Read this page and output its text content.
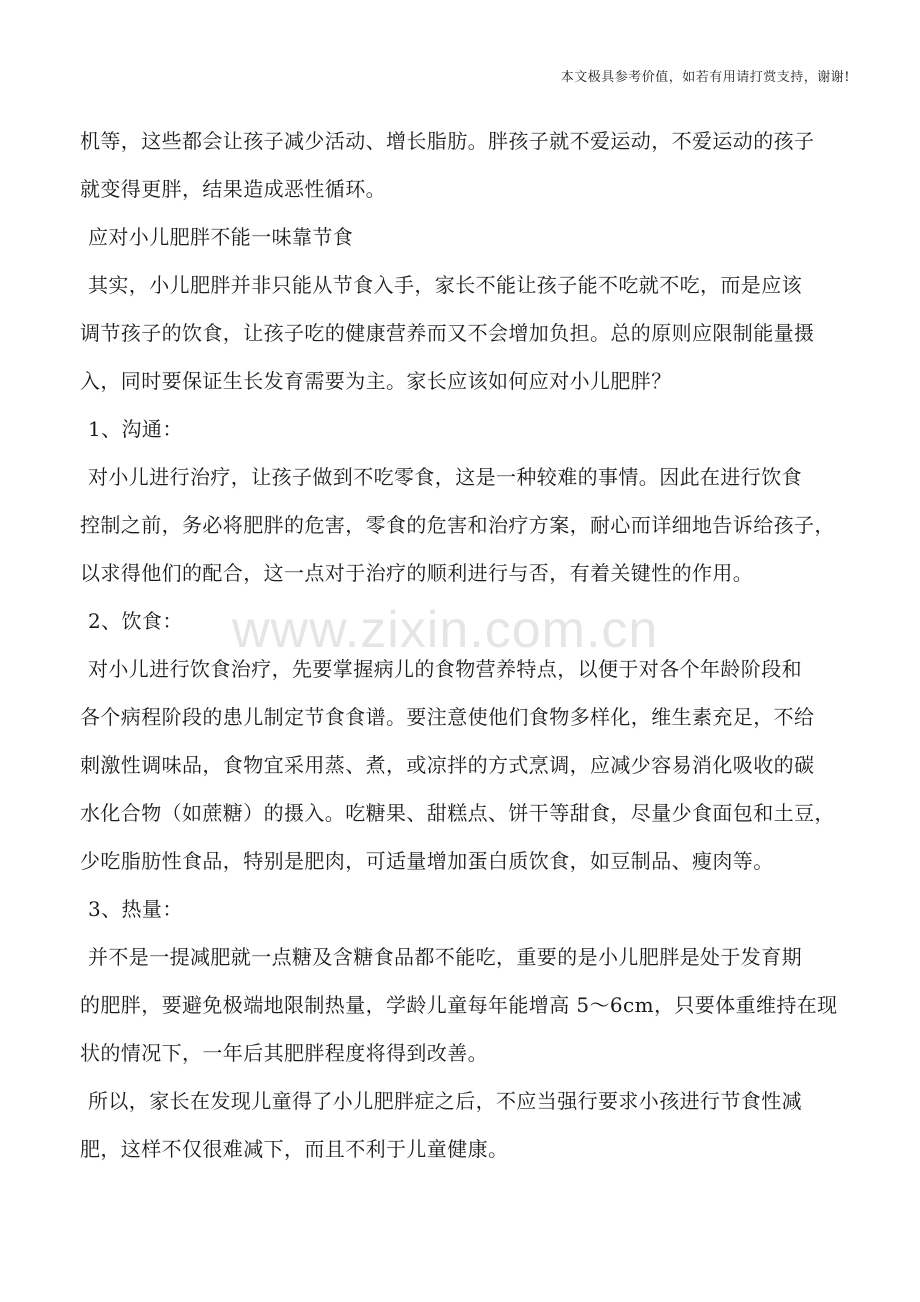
本文极具参考价值，如若有用请打赏支持，谢谢!
机等，这些都会让孩子减少活动、增长脂肪。胖孩子就不爱运动，不爱运动的孩子
就变得更胖，结果造成恶性循环。
应对小儿肥胖不能一味靠节食
其实，小儿肥胖并非只能从节食入手，家长不能让孩子能不吃就不吃，而是应该
调节孩子的饮食，让孩子吃的健康营养而又不会增加负担。总的原则应限制能量摄
入，同时要保证生长发育需要为主。家长应该如何应对小儿肥胖？
1、沟通：
对小儿进行治疗，让孩子做到不吃零食，这是一种较难的事情。因此在进行饮食
控制之前，务必将肥胖的危害，零食的危害和治疗方案，耐心而详细地告诉给孩子，
以求得他们的配合，这一点对于治疗的顺利进行与否，有着关键性的作用。
2、饮食：
对小儿进行饮食治疗，先要掌握病儿的食物营养特点，以便于对各个年龄阶段和
各个病程阶段的患儿制定节食食谱。要注意使他们食物多样化，维生素充足，不给
刺激性调味品，食物宜采用蒸、煮，或凉拌的方式烹调，应减少容易消化吸收的碳
水化合物（如蔗糖）的摄入。吃糖果、甜糕点、饼干等甜食，尽量少食面包和土豆，
少吃脂肪性食品，特别是肥肉，可适量增加蛋白质饮食，如豆制品、瘦肉等。
3、热量：
并不是一提减肥就一点糖及含糖食品都不能吃，重要的是小儿肥胖是处于发育期
的肥胖，要避免极端地限制热量，学龄儿童每年能增高 5～6cm，只要体重维持在现
状的情况下，一年后其肥胖程度将得到改善。
所以，家长在发现儿童得了小儿肥胖症之后，不应当强行要求小孩进行节食性减
肥，这样不仅很难减下，而且不利于儿童健康。
www.zixin.com.cn
